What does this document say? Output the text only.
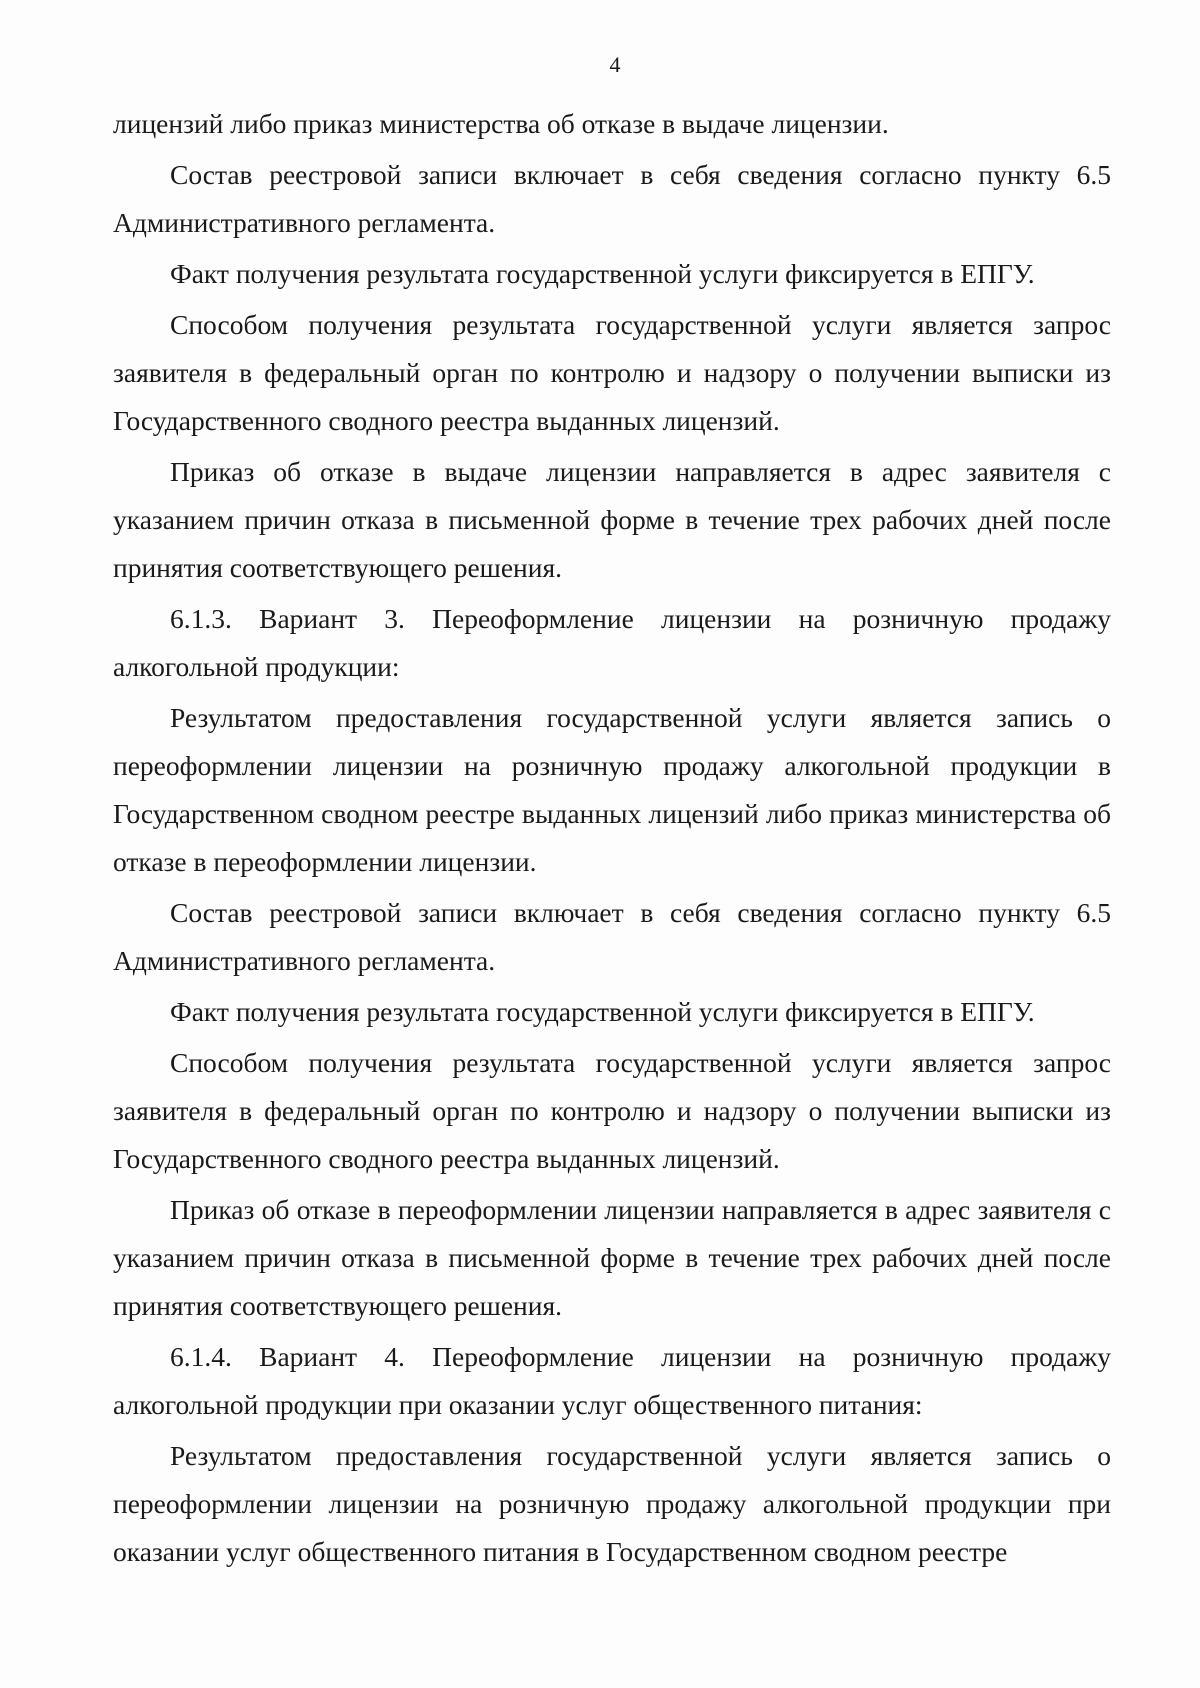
4

лицензий либо приказ министерства об отказе в выдаче лицензии.

Состав реестровой записи включает в себя сведения согласно пункту 6.5 Административного регламента.

Факт получения результата государственной услуги фиксируется в ЕПГУ.

Способом получения результата государственной услуги является запрос заявителя в федеральный орган по контролю и надзору о получении выписки из Государственного сводного реестра выданных лицензий.

Приказ об отказе в выдаче лицензии направляется в адрес заявителя с указанием причин отказа в письменной форме в течение трех рабочих дней после принятия соответствующего решения.

6.1.3. Вариант 3. Переоформление лицензии на розничную продажу алкогольной продукции:

Результатом предоставления государственной услуги является запись о переоформлении лицензии на розничную продажу алкогольной продукции в Государственном сводном реестре выданных лицензий либо приказ министерства об отказе в переоформлении лицензии.

Состав реестровой записи включает в себя сведения согласно пункту 6.5 Административного регламента.

Факт получения результата государственной услуги фиксируется в ЕПГУ.

Способом получения результата государственной услуги является запрос заявителя в федеральный орган по контролю и надзору о получении выписки из Государственного сводного реестра выданных лицензий.

Приказ об отказе в переоформлении лицензии направляется в адрес заявителя с указанием причин отказа в письменной форме в течение трех рабочих дней после принятия соответствующего решения.

6.1.4. Вариант 4. Переоформление лицензии на розничную продажу алкогольной продукции при оказании услуг общественного питания:

Результатом предоставления государственной услуги является запись о переоформлении лицензии на розничную продажу алкогольной продукции при оказании услуг общественного питания в Государственном сводном реестре
